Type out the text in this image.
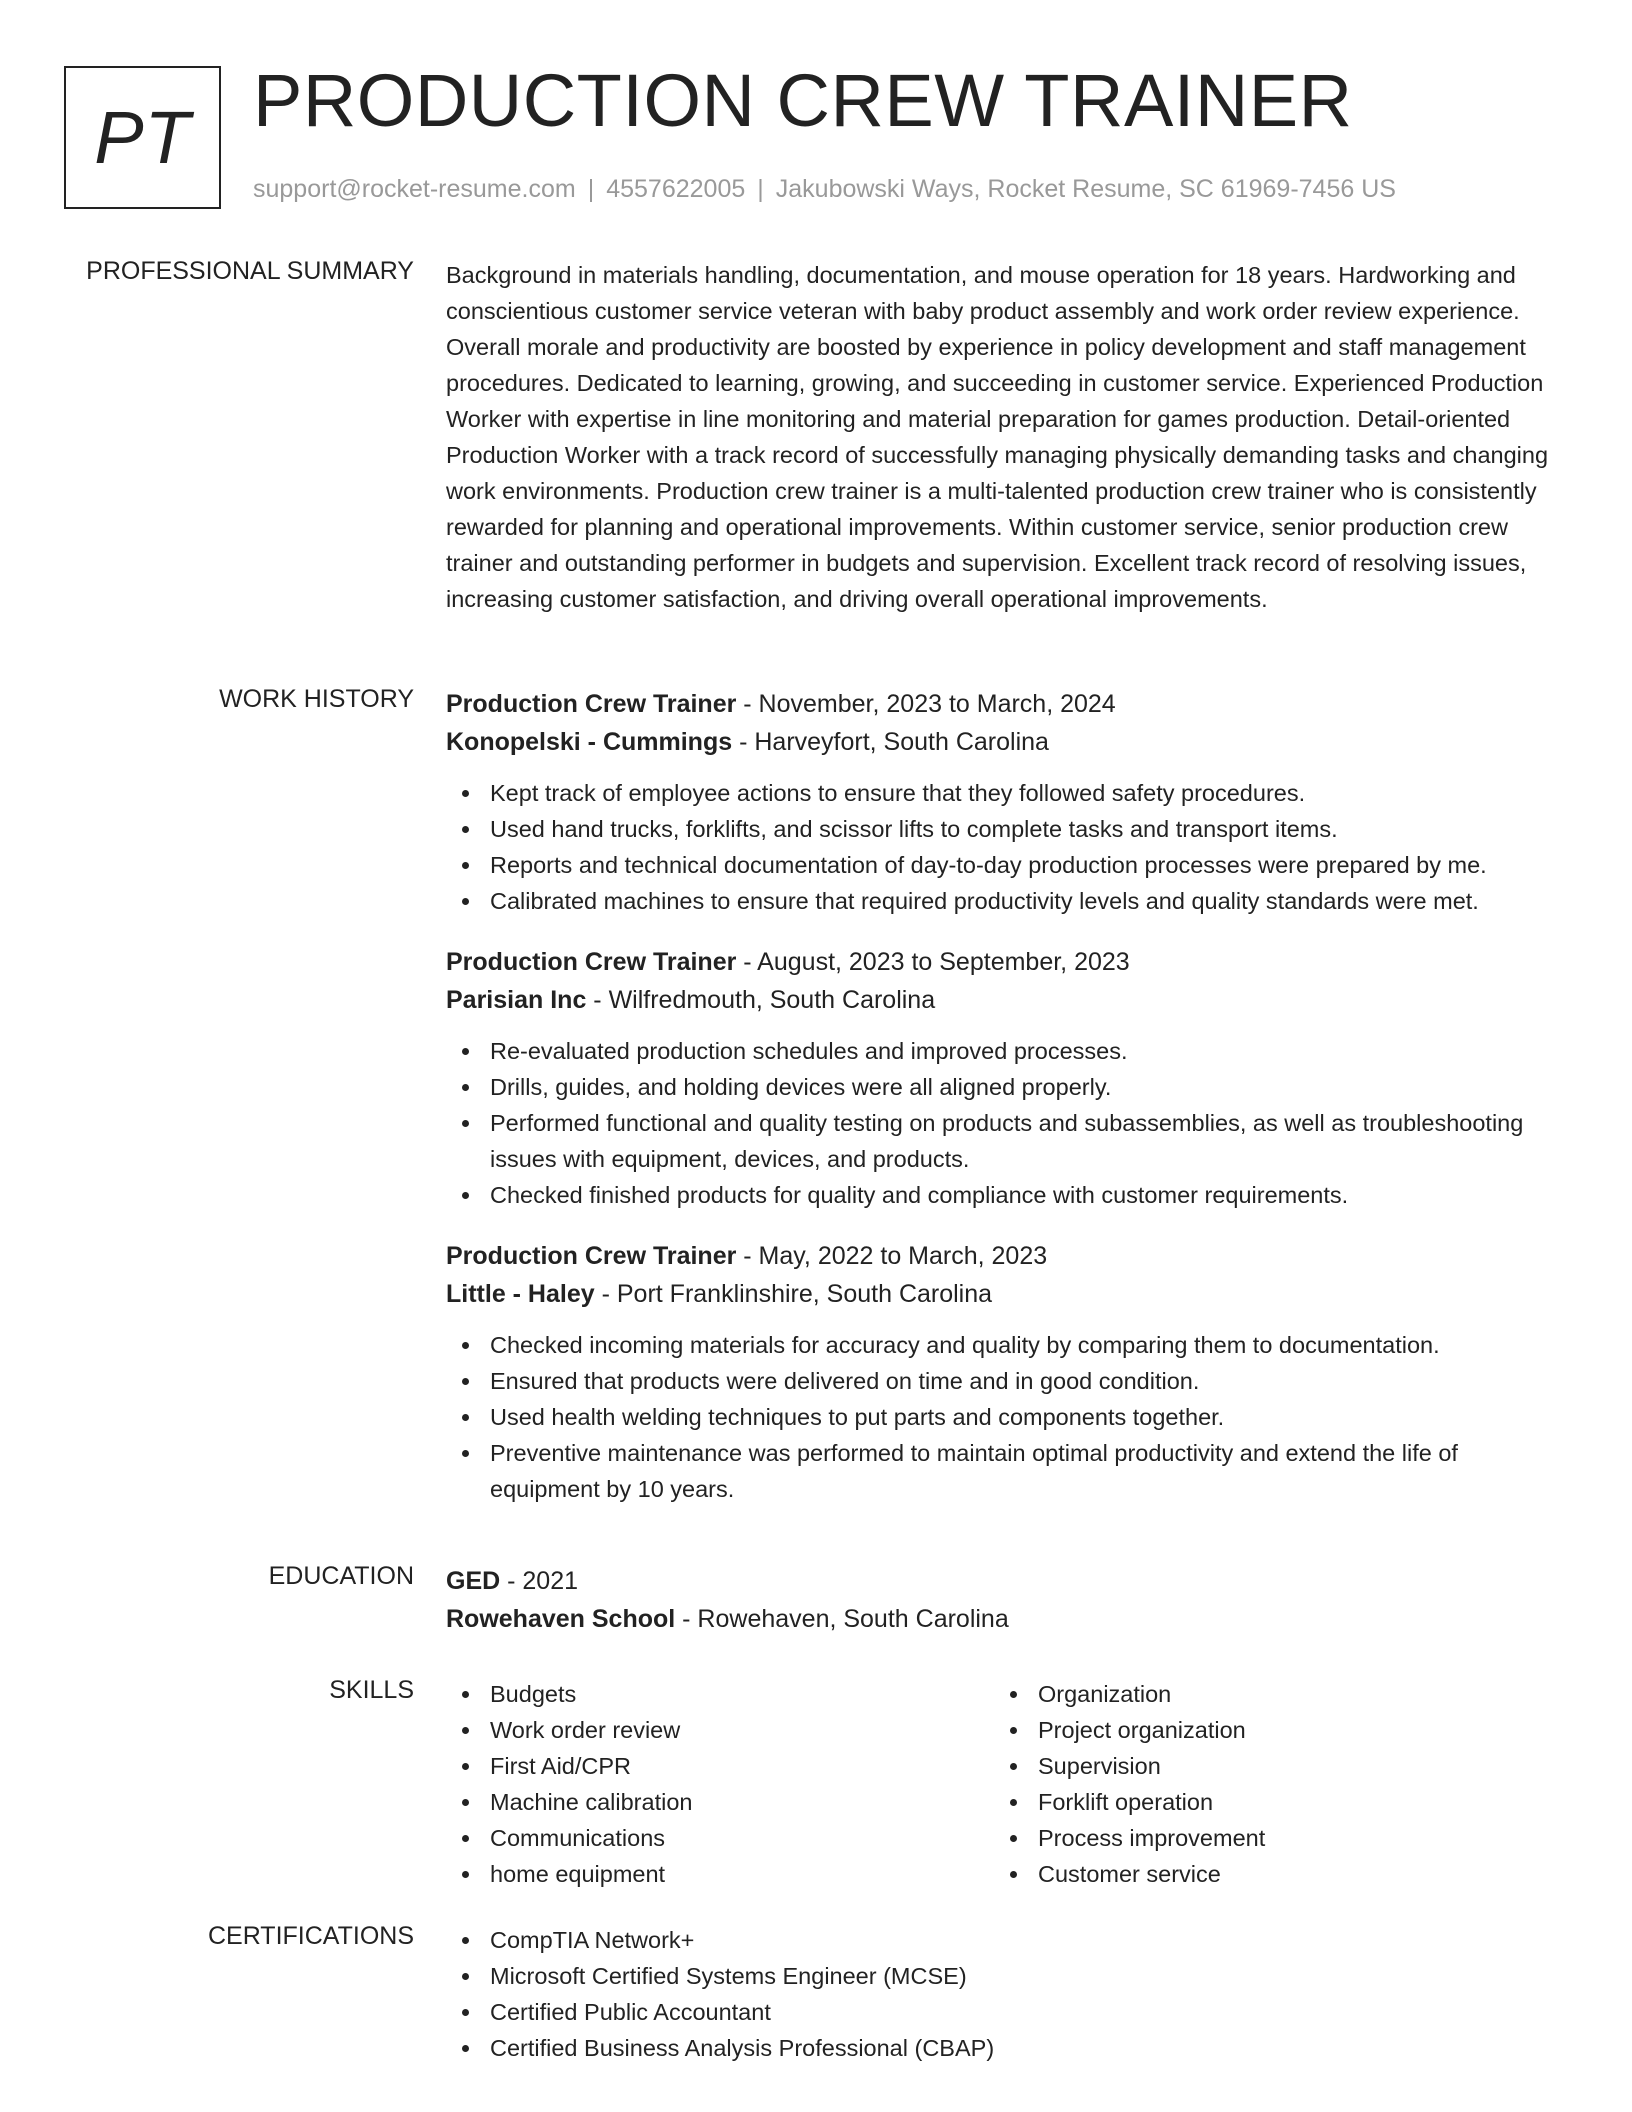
PT PRODUCTION CREW TRAINER
support@rocket-resume.com | 4557622005 | Jakubowski Ways, Rocket Resume, SC 61969-7456 US
PROFESSIONAL SUMMARY Background in materials handling, documentation, and mouse operation for 18 years. Hardworking and conscientious customer service veteran with baby product assembly and work order review experience. Overall morale and productivity are boosted by experience in policy development and staff management procedures. Dedicated to learning, growing, and succeeding in customer service. Experienced Production Worker with expertise in line monitoring and material preparation for games production. Detail-oriented Production Worker with a track record of successfully managing physically demanding tasks and changing work environments. Production crew trainer is a multi-talented production crew trainer who is consistently rewarded for planning and operational improvements. Within customer service, senior production crew trainer and outstanding performer in budgets and supervision. Excellent track record of resolving issues, increasing customer satisfaction, and driving overall operational improvements.
WORK HISTORY Production Crew Trainer - November, 2023 to March, 2024
Konopelski - Cummings - Harveyfort, South Carolina
Kept track of employee actions to ensure that they followed safety procedures.
Used hand trucks, forklifts, and scissor lifts to complete tasks and transport items.
Reports and technical documentation of day-to-day production processes were prepared by me.
Calibrated machines to ensure that required productivity levels and quality standards were met.
Production Crew Trainer - August, 2023 to September, 2023
Parisian Inc - Wilfredmouth, South Carolina
Re-evaluated production schedules and improved processes.
Drills, guides, and holding devices were all aligned properly.
Performed functional and quality testing on products and subassemblies, as well as troubleshooting issues with equipment, devices, and products.
Checked finished products for quality and compliance with customer requirements.
Production Crew Trainer - May, 2022 to March, 2023
Little - Haley - Port Franklinshire, South Carolina
Checked incoming materials for accuracy and quality by comparing them to documentation.
Ensured that products were delivered on time and in good condition.
Used health welding techniques to put parts and components together.
Preventive maintenance was performed to maintain optimal productivity and extend the life of equipment by 10 years.
EDUCATION GED - 2021
Rowehaven School - Rowehaven, South Carolina
SKILLS	Budgets
Work order review
First Aid/CPR
Machine calibration
Communications
home equipment
Organization
Project organization
Supervision
Forklift operation
Process improvement
Customer service
CERTIFICATIONS	CompTIA Network+
Microsoft Certified Systems Engineer (MCSE)
Certified Public Accountant
Certified Business Analysis Professional (CBAP)
